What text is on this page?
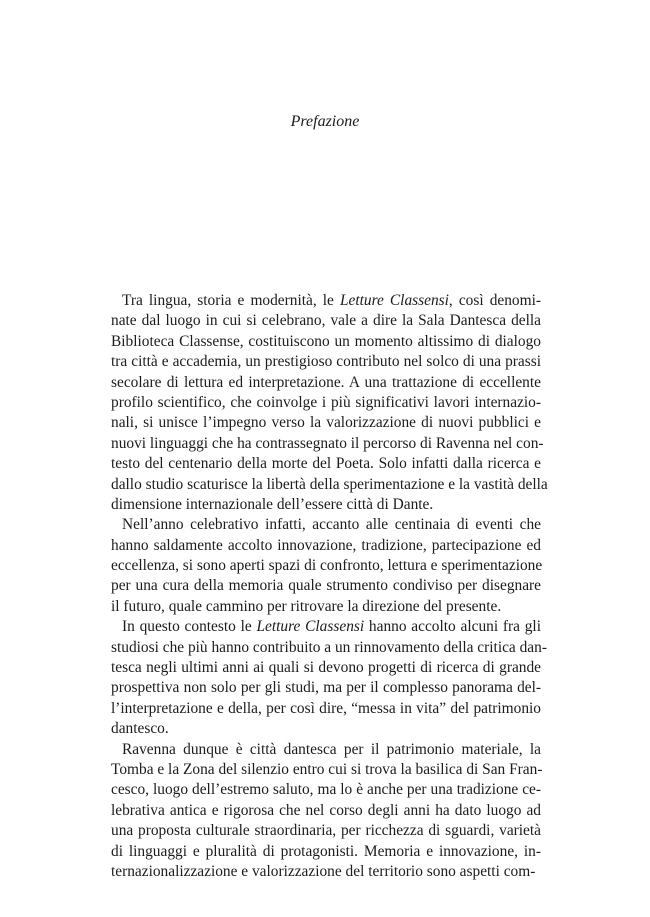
Prefazione
Tra lingua, storia e modernità, le Letture Classensi, così denomi-
nate dal luogo in cui si celebrano, vale a dire la Sala Dantesca della
Biblioteca Classense, costituiscono un momento altissimo di dialogo
tra città e accademia, un prestigioso contributo nel solco di una prassi
secolare di lettura ed interpretazione. A una trattazione di eccellente
profilo scientifico, che coinvolge i più significativi lavori internazio-
nali, si unisce l’impegno verso la valorizzazione di nuovi pubblici e
nuovi linguaggi che ha contrassegnato il percorso di Ravenna nel con-
testo del centenario della morte del Poeta. Solo infatti dalla ricerca e
dallo studio scaturisce la libertà della sperimentazione e la vastità della
dimensione internazionale dell’essere città di Dante.
Nell’anno celebrativo infatti, accanto alle centinaia di eventi che
hanno saldamente accolto innovazione, tradizione, partecipazione ed
eccellenza, si sono aperti spazi di confronto, lettura e sperimentazione
per una cura della memoria quale strumento condiviso per disegnare
il futuro, quale cammino per ritrovare la direzione del presente.
In questo contesto le Letture Classensi hanno accolto alcuni fra gli
studiosi che più hanno contribuito a un rinnovamento della critica dan-
tesca negli ultimi anni ai quali si devono progetti di ricerca di grande
prospettiva non solo per gli studi, ma per il complesso panorama del-
l’interpretazione e della, per così dire, “messa in vita” del patrimonio
dantesco.
Ravenna dunque è città dantesca per il patrimonio materiale, la
Tomba e la Zona del silenzio entro cui si trova la basilica di San Fran-
cesco, luogo dell’estremo saluto, ma lo è anche per una tradizione ce-
lebrativa antica e rigorosa che nel corso degli anni ha dato luogo ad
una proposta culturale straordinaria, per ricchezza di sguardi, varietà
di linguaggi e pluralità di protagonisti. Memoria e innovazione, in-
ternazionalizzazione e valorizzazione del territorio sono aspetti com-
